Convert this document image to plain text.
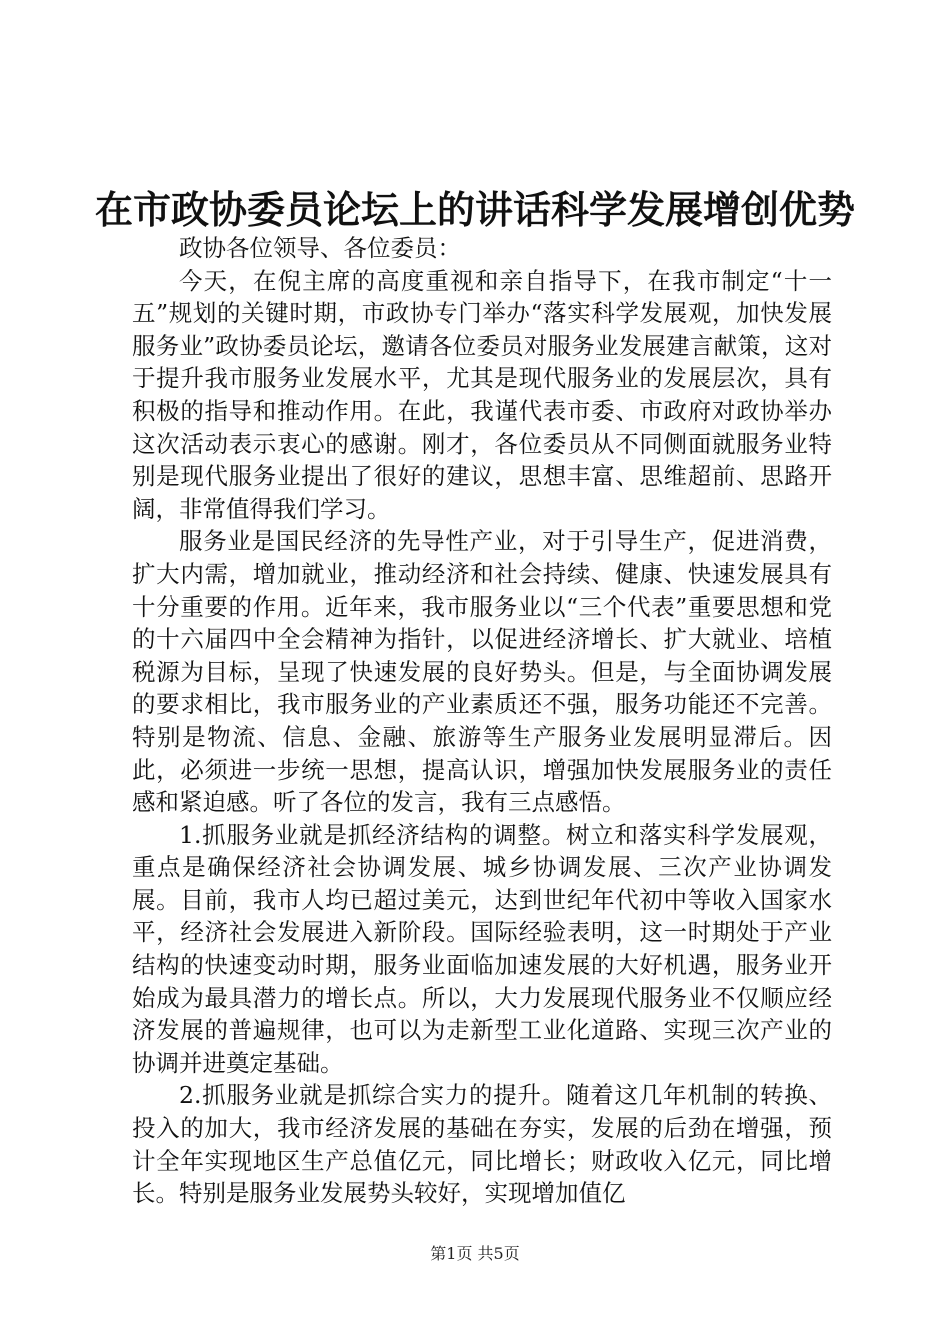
在市政协委员论坛上的讲话科学发展增创优势

政协各位领导、各位委员：

今天，在倪主席的高度重视和亲自指导下，在我市制定“十一五”规划的关键时期，市政协专门举办“落实科学发展观，加快发展服务业”政协委员论坛，邀请各位委员对服务业发展建言献策，这对于提升我市服务业发展水平，尤其是现代服务业的发展层次，具有积极的指导和推动作用。在此，我谨代表市委、市政府对政协举办这次活动表示衷心的感谢。刚才，各位委员从不同侧面就服务业特别是现代服务业提出了很好的建议，思想丰富、思维超前、思路开阔，非常值得我们学习。

服务业是国民经济的先导性产业，对于引导生产，促进消费，扩大内需，增加就业，推动经济和社会持续、健康、快速发展具有十分重要的作用。近年来，我市服务业以“三个代表”重要思想和党的十六届四中全会精神为指针，以促进经济增长、扩大就业、培植税源为目标，呈现了快速发展的良好势头。但是，与全面协调发展的要求相比，我市服务业的产业素质还不强，服务功能还不完善。特别是物流、信息、金融、旅游等生产服务业发展明显滞后。因此，必须进一步统一思想，提高认识，增强加快发展服务业的责任感和紧迫感。听了各位的发言，我有三点感悟。

1.抓服务业就是抓经济结构的调整。树立和落实科学发展观，重点是确保经济社会协调发展、城乡协调发展、三次产业协调发展。目前，我市人均已超过美元，达到世纪年代初中等收入国家水平，经济社会发展进入新阶段。国际经验表明，这一时期处于产业结构的快速变动时期，服务业面临加速发展的大好机遇，服务业开始成为最具潜力的增长点。所以，大力发展现代服务业不仅顺应经济发展的普遍规律，也可以为走新型工业化道路、实现三次产业的协调并进奠定基础。

2.抓服务业就是抓综合实力的提升。随着这几年机制的转换、投入的加大，我市经济发展的基础在夯实，发展的后劲在增强，预计全年实现地区生产总值亿元，同比增长；财政收入亿元，同比增长。特别是服务业发展势头较好，实现增加值亿

第1页 共5页
